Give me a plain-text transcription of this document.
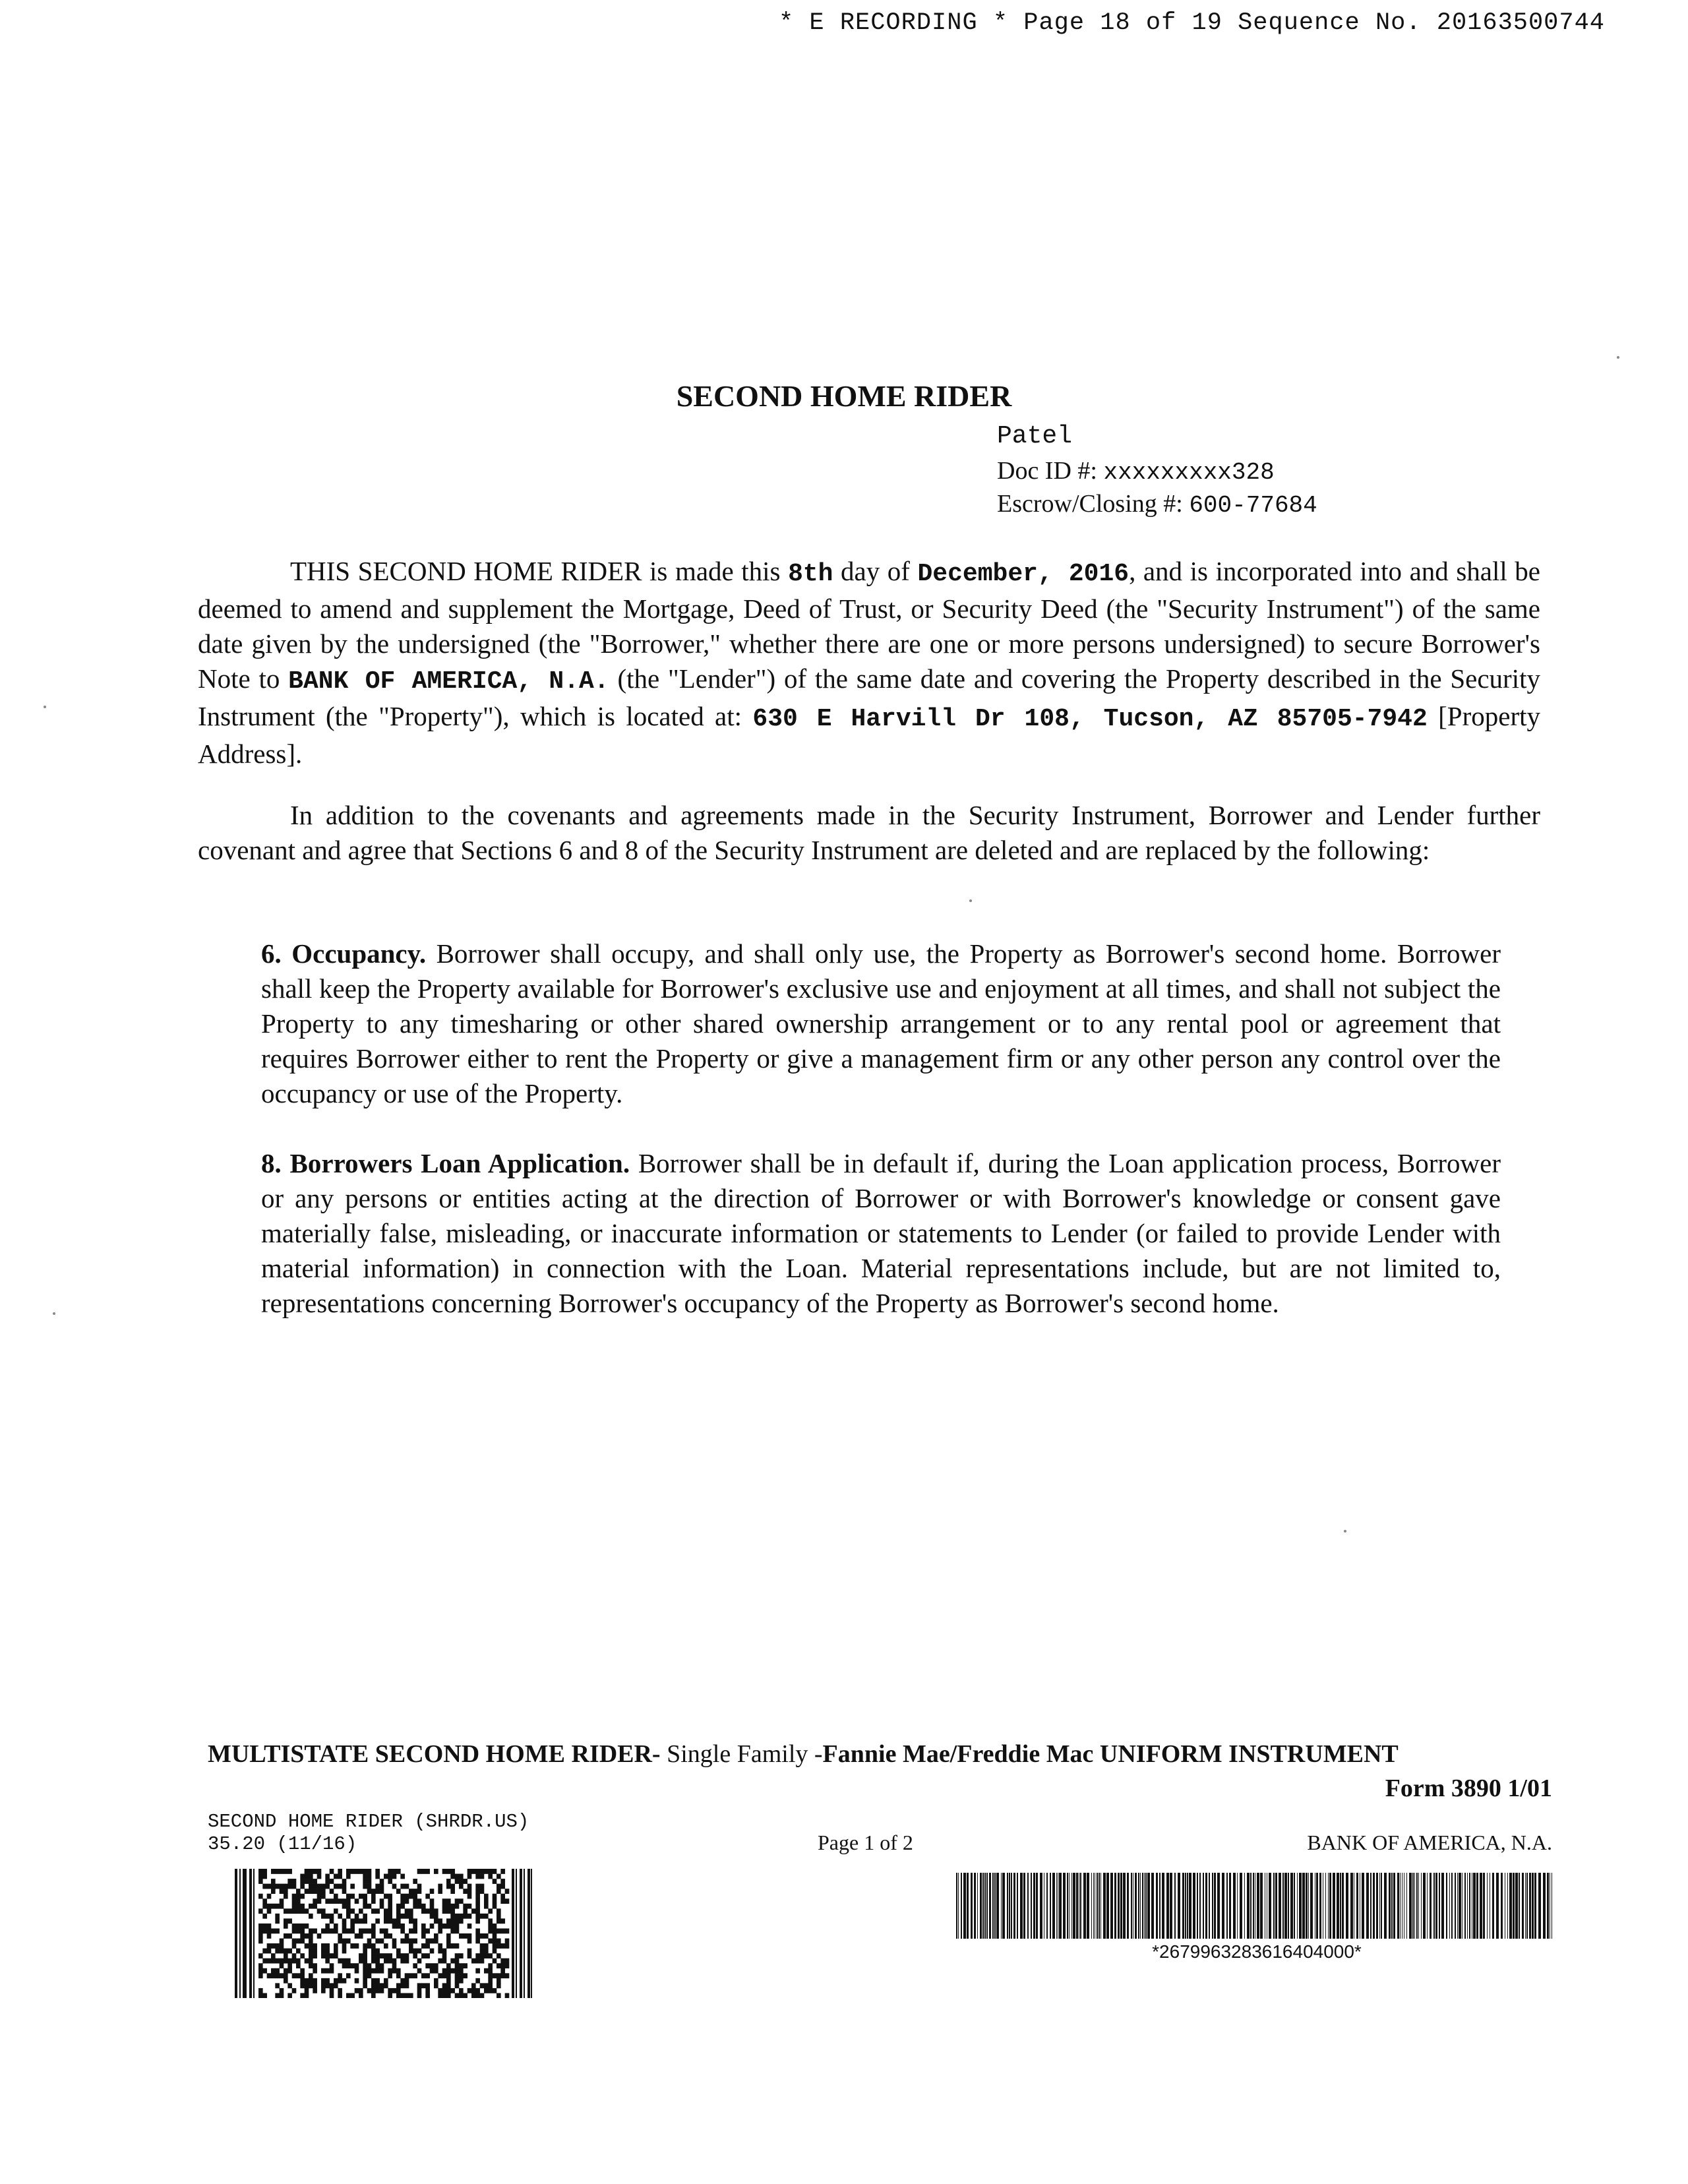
* E RECORDING * Page 18 of 19 Sequence No. 20163500744
SECOND HOME RIDER
Patel
Doc ID #: xxxxxxxxx328
Escrow/Closing #: 600-77684
THIS SECOND HOME RIDER is made this 8th day of December, 2016, and is incorporated into and shall be deemed to amend and supplement the Mortgage, Deed of Trust, or Security Deed (the "Security Instrument") of the same date given by the undersigned (the "Borrower," whether there are one or more persons undersigned) to secure Borrower's Note to BANK OF AMERICA, N.A. (the "Lender") of the same date and covering the Property described in the Security Instrument (the "Property"), which is located at: 630 E Harvill Dr 108, Tucson, AZ 85705-7942 [Property Address].
In addition to the covenants and agreements made in the Security Instrument, Borrower and Lender further covenant and agree that Sections 6 and 8 of the Security Instrument are deleted and are replaced by the following:
6. Occupancy. Borrower shall occupy, and shall only use, the Property as Borrower's second home. Borrower shall keep the Property available for Borrower's exclusive use and enjoyment at all times, and shall not subject the Property to any timesharing or other shared ownership arrangement or to any rental pool or agreement that requires Borrower either to rent the Property or give a management firm or any other person any control over the occupancy or use of the Property.
8. Borrowers Loan Application. Borrower shall be in default if, during the Loan application process, Borrower or any persons or entities acting at the direction of Borrower or with Borrower's knowledge or consent gave materially false, misleading, or inaccurate information or statements to Lender (or failed to provide Lender with material information) in connection with the Loan. Material representations include, but are not limited to, representations concerning Borrower's occupancy of the Property as Borrower's second home.
MULTISTATE SECOND HOME RIDER- Single Family -Fannie Mae/Freddie Mac UNIFORM INSTRUMENT
Form 3890 1/01
SECOND HOME RIDER (SHRDR.US)
35.20 (11/16)	Page 1 of 2	BANK OF AMERICA, N.A.
*2679963283616404000*
